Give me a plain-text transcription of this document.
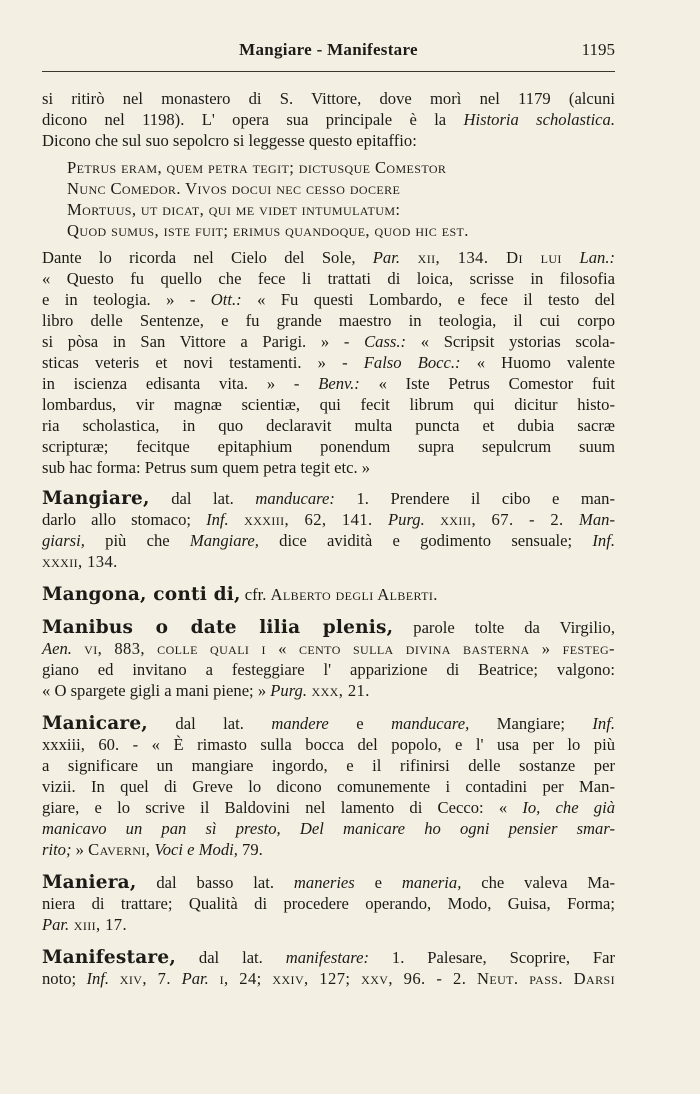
Mangiare - Manifestare	1195
si ritirò nel monastero di S. Vittore, dove morì nel 1179 (alcuni
dicono nel 1198). L' opera sua principale è la Historia scholastica.
Dicono che sul suo sepolcro si leggesse questo epitaffio:
Petrus eram, quem petra tegit; dictusque Comestor
Nunc Comedor. Vivos docui nec cesso docere
Mortuus, ut dicat, qui me videt intumulatum:
Quod sumus, iste fuit; erimus quandoque, quod hic est.
Dante lo ricorda nel Cielo del Sole, Par. xii, 134. Di lui Lan.:
« Questo fu quello che fece li trattati di loica, scrisse in filosofia
e in teologia. » - Ott.: « Fu questi Lombardo, e fece il testo del
libro delle Sentenze, e fu grande maestro in teologia, il cui corpo
si pòsa in San Vittore a Parigi. » - Cass.: « Scripsit ystorias scola-
sticas veteris et novi testamenti. » - Falso Bocc.: « Huomo valente
in iscienza edisanta vita. » - Benv.: « Iste Petrus Comestor fuit
lombardus, vir magnæ scientiæ, qui fecit librum qui dicitur histo-
ria scholastica, in quo declaravit multa puncta et dubia sacræ
scripturæ; fecitque epitaphium ponendum supra sepulcrum suum
sub hac forma: Petrus sum quem petra tegit etc. »
Mangiare, dal lat. manducare: 1. Prendere il cibo e man-
darlo allo stomaco; Inf. xxxiii, 62, 141. Purg. xxiii, 67. - 2. Man-
giarsi, più che Mangiare, dice avidità e godimento sensuale; Inf.
xxxii, 134.
Mangona, conti di, cfr. Alberto degli Alberti.
Manibus o date lilia plenis, parole tolte da Virgilio,
Aen. vi, 883, colle quali i « cento sulla divina basterna » festeg-
giano ed invitano a festeggiare l' apparizione di Beatrice; valgono:
« O spargete gigli a mani piene; » Purg. xxx, 21.
Manicare, dal lat. mandere e manducare, Mangiare; Inf.
xxxiii, 60. - « È rimasto sulla bocca del popolo, e l' usa per lo più
a significare un mangiare ingordo, e il rifinirsi delle sostanze per
vizii. In quel di Greve lo dicono comunemente i contadini per Man-
giare, e lo scrive il Baldovini nel lamento di Cecco: « Io, che già
manicavo un pan sì presto, Del manicare ho ogni pensier smar-
rito; » Caverni, Voci e Modi, 79.
Maniera, dal basso lat. maneries e maneria, che valeva Ma-
niera di trattare; Qualità di procedere operando, Modo, Guisa, Forma;
Par. xiii, 17.
Manifestare, dal lat. manifestare: 1. Palesare, Scoprire, Far
noto; Inf. xiv, 7. Par. i, 24; xxiv, 127; xxv, 96. - 2. Neut. pass. Darsi
